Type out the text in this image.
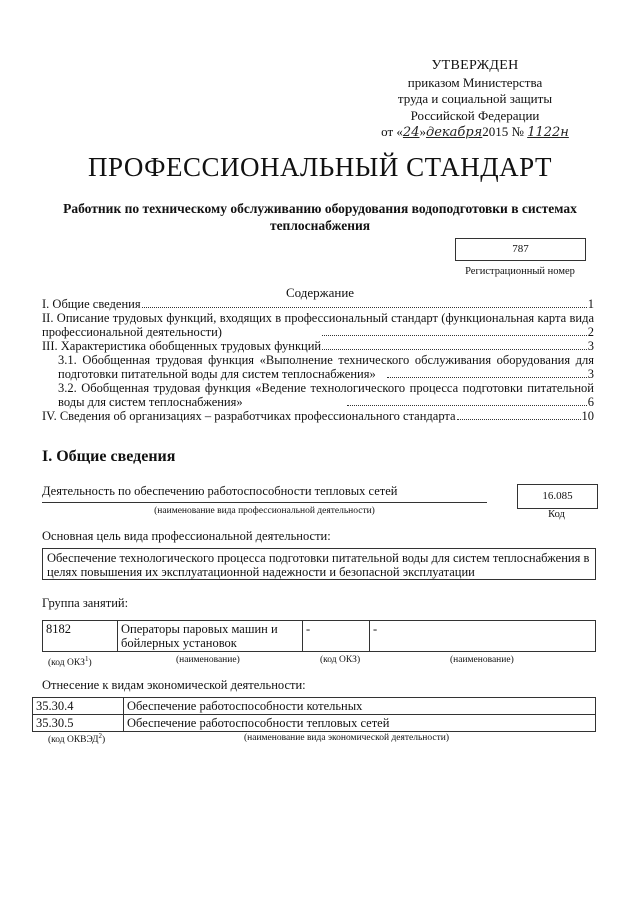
УТВЕРЖДЕН
приказом Министерства
труда и социальной защиты
Российской Федерации
от «24»декабря2015 № 1122н
ПРОФЕССИОНАЛЬНЫЙ СТАНДАРТ
Работник по техническому обслуживанию оборудования водоподготовки в системах теплоснабжения
787
Регистрационный номер
Содержание
I. Общие сведения	1
II. Описание трудовых функций, входящих в профессиональный стандарт (функциональная карта вида профессиональной деятельности)	2
III. Характеристика обобщенных трудовых функций	3
3.1. Обобщенная трудовая функция «Выполнение технического обслуживания оборудования для подготовки питательной воды для систем теплоснабжения»	3
3.2. Обобщенная трудовая функция «Ведение технологического процесса подготовки питательной воды для систем теплоснабжения»	6
IV. Сведения об организациях – разработчиках профессионального стандарта	10
I. Общие сведения
Деятельность по обеспечению работоспособности тепловых сетей
(наименование вида профессиональной деятельности)
16.085
Код
Основная цель вида профессиональной деятельности:
Обеспечение технологического процесса подготовки питательной воды для систем теплоснабжения в целях повышения их эксплуатационной надежности и безопасной эксплуатации
Группа занятий:
8182	Операторы паровых машин и бойлерных установок	-	-
(код ОКЗ$^1$)	(наименование)	(код ОКЗ)	(наименование)
Отнесение к видам экономической деятельности:
35.30.4	Обеспечение работоспособности котельных
35.30.5	Обеспечение работоспособности тепловых сетей
(код ОКВЭД$^2$)	(наименование вида экономической деятельности)
